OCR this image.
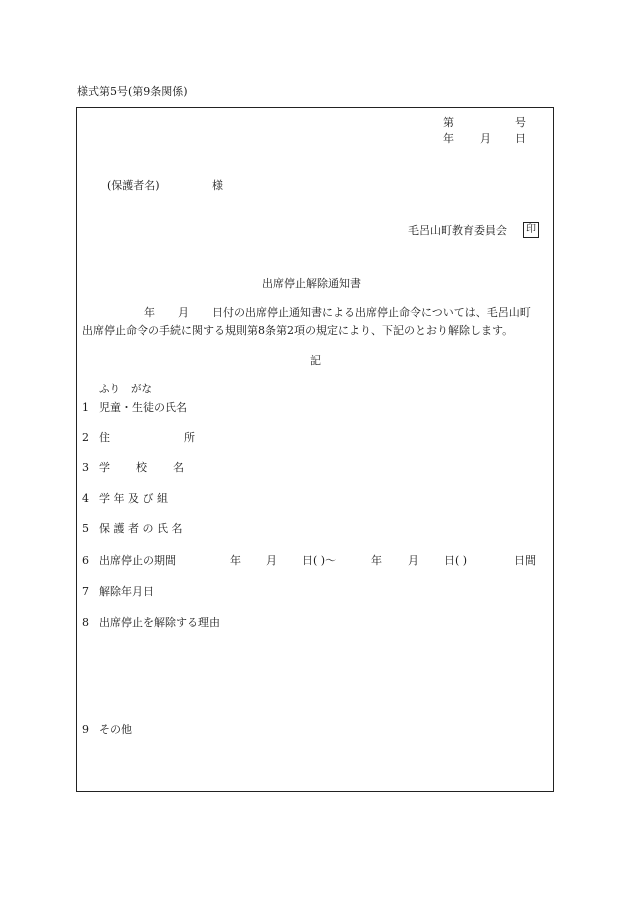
様式第5号(第9条関係)
第	号
年 月 日
(保護者名)	様
毛呂山町教育委員会	印
出席停止解除通知書
年 月 日付の出席停止通知書による出席停止命令については、毛呂山町
出席停止命令の手続に関する規則第8条第2項の規定により、下記のとおり解除します。
記
ふり がな
1 児童・生徒の氏名
2 住	所
3 学 校 名
4 学 年 及 び 組
5 保 護 者 の 氏 名
6 出席停止の期間	年 月 日( )〜	年 月 日( )	日間
7 解除年月日
8 出席停止を解除する理由
9 その他
